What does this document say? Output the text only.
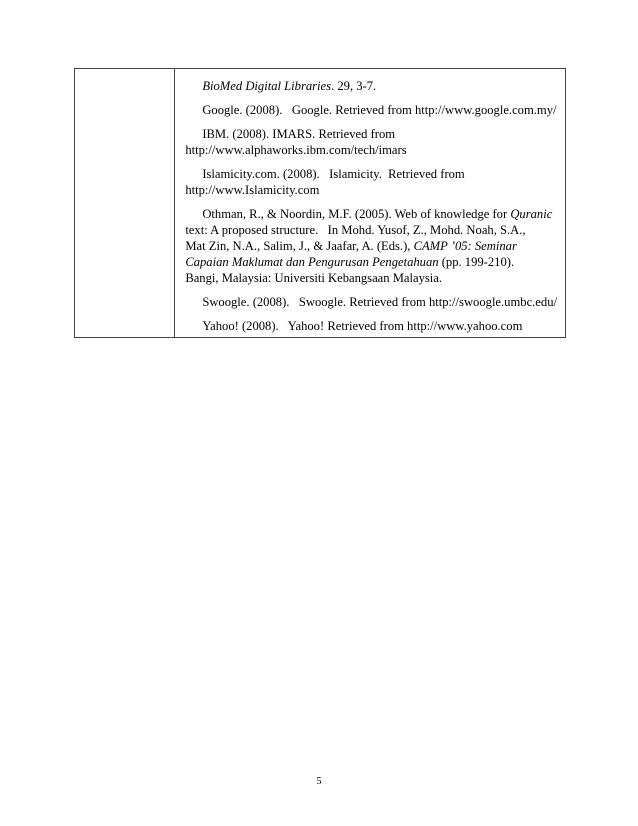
BioMed Digital Libraries. 29, 3-7.
Google. (2008).   Google. Retrieved from http://www.google.com.my/
IBM. (2008). IMARS. Retrieved from
http://www.alphaworks.ibm.com/tech/imars
Islamicity.com. (2008).   Islamicity.  Retrieved from
http://www.Islamicity.com
Othman, R., & Noordin, M.F. (2005). Web of knowledge for Quranic
text: A proposed structure.   In Mohd. Yusof, Z., Mohd. Noah, S.A.,
Mat Zin, N.A., Salim, J., & Jaafar, A. (Eds.), CAMP ’05: Seminar
Capaian Maklumat dan Pengurusan Pengetahuan (pp. 199-210).
Bangi, Malaysia: Universiti Kebangsaan Malaysia.
Swoogle. (2008).   Swoogle. Retrieved from http://swoogle.umbc.edu/
Yahoo! (2008).   Yahoo! Retrieved from http://www.yahoo.com
5
